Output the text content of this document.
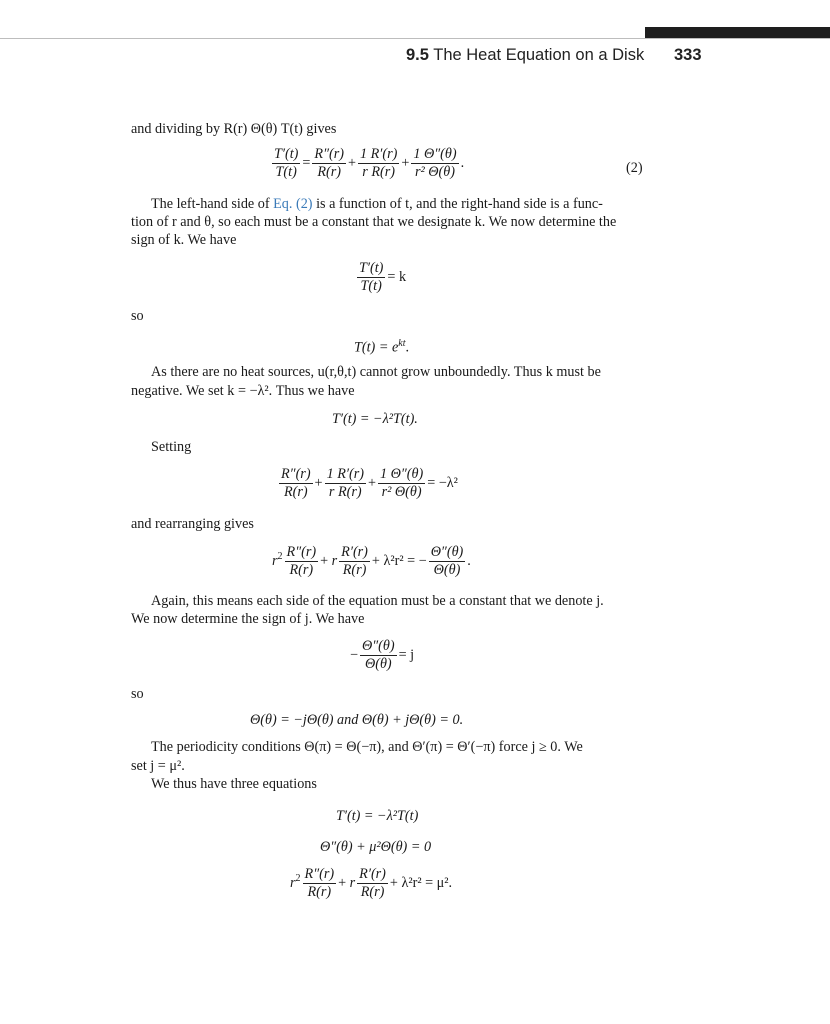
9.5 The Heat Equation on a Disk 333
and dividing by R(r) Θ(θ) T(t) gives
$\frac{T'(t)}{T(t)} = \frac{R''(r)}{R(r)} + \frac{1 R'(r)}{\text{r R(r)}} + \frac{1 \Theta''(\theta)}{\text{r² Θ(θ)}}$ .	(2)
The left-hand side of Eq. (2) is a function of t, and the right-hand side is a func-
tion of r and θ, so each must be a constant that we designate k. We now determine the
sign of k. We have
$\frac{T'(t)}{T(t)} = k$
so
$T(t) = e^{kt}$.
As there are no heat sources, u(r,θ,t) cannot grow unboundedly. Thus k must be
negative. We set k = −λ². Thus we have
T′(t) = −λ²T(t).
Setting
$\frac{R''(r)}{R(r)} + \frac{1 R'(r)}{\text{r R(r)}} + \frac{1 \Theta''(\theta)}{\text{r² Θ(θ)}} = -\lambda^2$
and rearranging gives
$r^2 \frac{R''(r)}{R(r)} + r \frac{R'(r)}{R(r)} + \lambda^2r^2$ = − $\frac{\Theta''(\theta)}{\Theta(\theta)}$ .
Again, this means each side of the equation must be a constant that we denote j.
We now determine the sign of j. We have
− $\frac{\Theta''(\theta)}{\Theta(\theta)} = j$
so
Θ(θ) = −jΘ(θ) and Θ(θ) + jΘ(θ) = 0.
The periodicity conditions Θ(π) = Θ(−π), and Θ′(π) = Θ′(−π) force j ≥ 0. We
set j = μ².
We thus have three equations
T′(t) = −λ²T(t)
Θ″(θ) + μ²Θ(θ) = 0
$r^2 \frac{R''(r)}{R(r)} + r \frac{R'(r)}{R(r)} + \lambda^2r^2 = \mu^2$.
